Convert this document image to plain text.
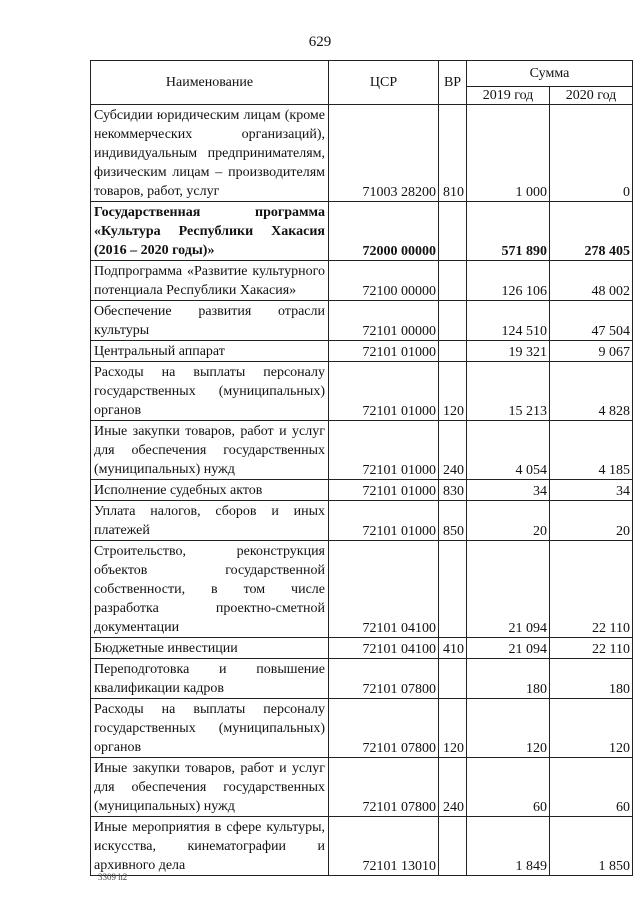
629
Наименование	ЦСР	ВР	Сумма	
			2019 год	2020 год
Субсидии юридическим лицам (кроме некоммерческих организаций), индивидуальным предпринимателям, физическим лицам – производителям товаров, работ, услуг	71003 28200	810	1 000	0
Государственная программа «Культура Республики Хакасия (2016 – 2020 годы)»	72000 00000		571 890	278 405
Подпрограмма «Развитие культурного потенциала Республики Хакасия»	72100 00000		126 106	48 002
Обеспечение развития отрасли культуры	72101 00000		124 510	47 504
Центральный аппарат	72101 01000		19 321	9 067
Расходы на выплаты персоналу государственных (муниципальных) органов	72101 01000	120	15 213	4 828
Иные закупки товаров, работ и услуг для обеспечения государственных (муниципальных) нужд	72101 01000	240	4 054	4 185
Исполнение судебных актов	72101 01000	830	34	34
Уплата налогов, сборов и иных платежей	72101 01000	850	20	20
Строительство, реконструкция объектов государственной собственности, в том числе разработка проектно-сметной документации	72101 04100		21 094	22 110
Бюджетные инвестиции	72101 04100	410	21 094	22 110
Переподготовка и повышение квалификации кадров	72101 07800		180	180
Расходы на выплаты персоналу государственных (муниципальных) органов	72101 07800	120	120	120
Иные закупки товаров, работ и услуг для обеспечения государственных (муниципальных) нужд	72101 07800	240	60	60
Иные мероприятия в сфере культуры, искусства, кинематографии и архивного дела	72101 13010		1 849	1 850
3309 h2
